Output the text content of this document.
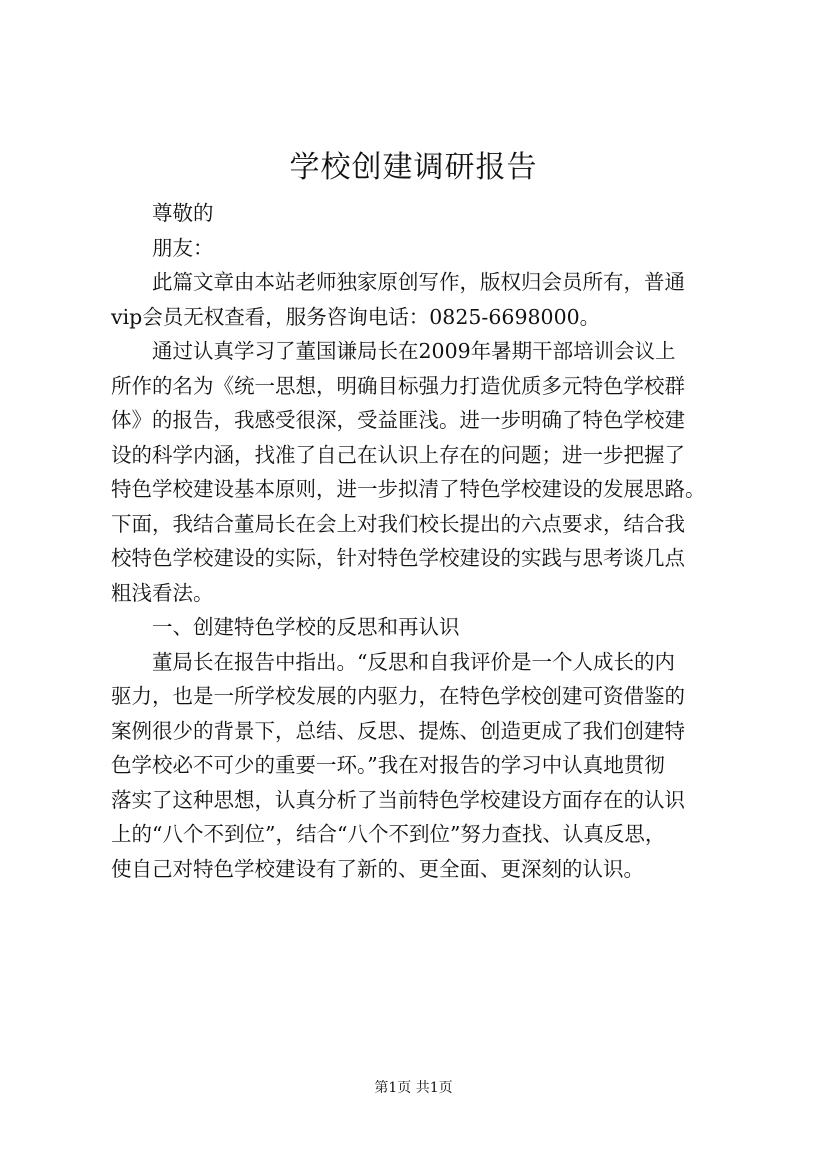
学校创建调研报告
尊敬的
朋友：
此篇文章由本站老师独家原创写作，版权归会员所有，普通
vip会员无权查看，服务咨询电话：0825-6698000。
通过认真学习了董国谦局长在2009年暑期干部培训会议上
所作的名为《统一思想，明确目标强力打造优质多元特色学校群
体》的报告，我感受很深，受益匪浅。进一步明确了特色学校建
设的科学内涵，找准了自己在认识上存在的问题；进一步把握了
特色学校建设基本原则，进一步拟清了特色学校建设的发展思路。
下面，我结合董局长在会上对我们校长提出的六点要求，结合我
校特色学校建设的实际，针对特色学校建设的实践与思考谈几点
粗浅看法。
一、创建特色学校的反思和再认识
董局长在报告中指出。“反思和自我评价是一个人成长的内
驱力，也是一所学校发展的内驱力，在特色学校创建可资借鉴的
案例很少的背景下，总结、反思、提炼、创造更成了我们创建特
色学校必不可少的重要一环。”我在对报告的学习中认真地贯彻
落实了这种思想，认真分析了当前特色学校建设方面存在的认识
上的“八个不到位”，结合“八个不到位”努力查找、认真反思，
使自己对特色学校建设有了新的、更全面、更深刻的认识。
第1页 共1页
